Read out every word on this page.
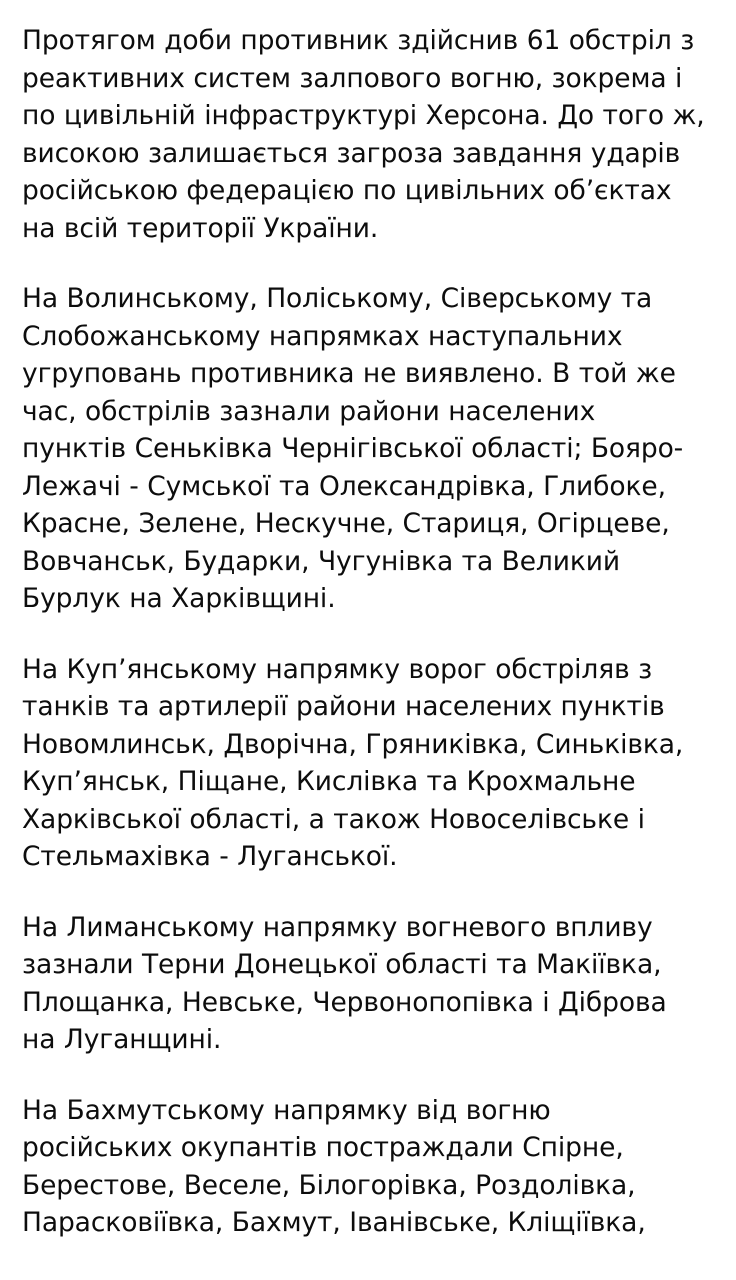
Протягом доби противник здійснив 61 обстріл з реактивних систем залпового вогню, зокрема і по цивільній інфраструктурі Херсона. До того ж, високою залишається загроза завдання ударів російською федерацією по цивільних об’єктах на всій території України.

На Волинському, Поліському, Сіверському та Слобожанському напрямках наступальних угруповань противника не виявлено. В той же час, обстрілів зазнали райони населених пунктів Сеньківка Чернігівської області; Бояро-Лежачі - Сумської та Олександрівка, Глибоке, Красне, Зелене, Нескучне, Стариця, Огірцеве, Вовчанськ, Бударки, Чугунівка та Великий Бурлук на Харківщині.

На Куп’янському напрямку ворог обстріляв з танків та артилерії райони населених пунктів Новомлинськ, Дворічна, Гряниківка, Синьківка, Куп’янськ, Піщане, Кислівка та Крохмальне Харківської області, а також Новоселівське і Стельмахівка - Луганської.

На Лиманському напрямку вогневого впливу зазнали Терни Донецької області та Макіївка, Площанка, Невське, Червонопопівка і Діброва на Луганщині.

На Бахмутському напрямку від вогню російських окупантів постраждали Спірне, Берестове, Веселе, Білогорівка, Роздолівка, Парасковіївка, Бахмут, Іванівське, Кліщіївка,
